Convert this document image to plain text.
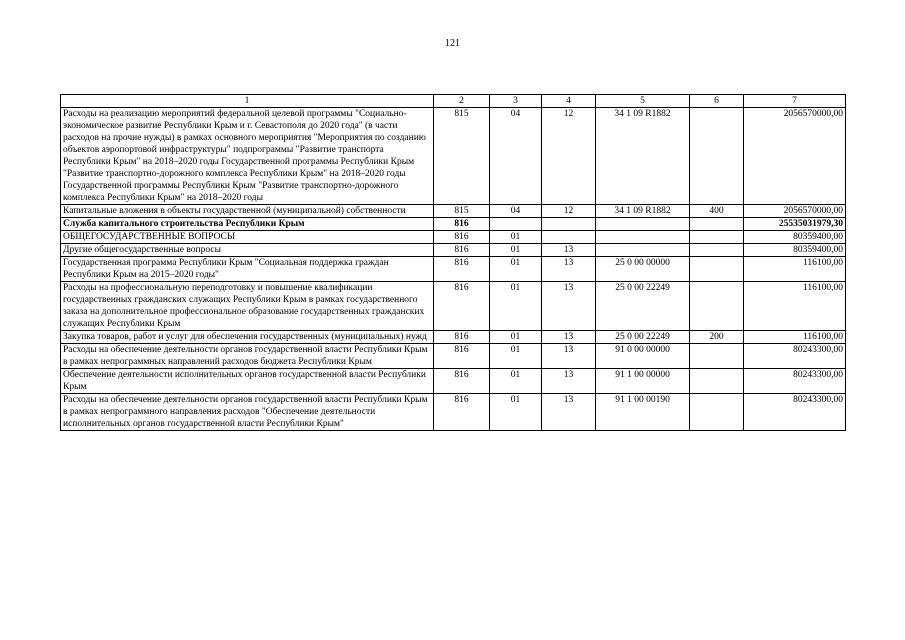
121
1	2	3	4	5	6	7
Расходы на реализацию мероприятий федеральной целевой программы "Социально-экономическое развитие Республики Крым и г. Севастополя до 2020 года" (в части расходов на прочие нужды) в рамках основного мероприятия "Мероприятия по созданию объектов аэропортовой инфраструктуры" подпрограммы "Развитие транспорта Республики Крым" на 2018–2020 годы Государственной программы Республики Крым "Развитие транспортно-дорожного комплекса Республики Крым" на 2018–2020 годы Государственной программы Республики Крым "Развитие транспортно-дорожного комплекса Республики Крым" на 2018–2020 годы	815	04	12	34 1 09 R1882		2056570000,00
Капитальные вложения в объекты государственной (муниципальной) собственности	815	04	12	34 1 09 R1882	400	2056570000,00
Служба капитального строительства Республики Крым	816					25535031979,30
ОБЩЕГОСУДАРСТВЕННЫЕ ВОПРОСЫ	816	01				80359400,00
Другие общегосударственные вопросы	816	01	13			80359400,00
Государственная программа Республики Крым "Социальная поддержка граждан Республики Крым на 2015–2020 годы"	816	01	13	25 0 00 00000		116100,00
Расходы на профессиональную переподготовку и повышение квалификации государственных гражданских служащих Республики Крым в рамках государственного заказа на дополнительное профессиональное образование государственных гражданских служащих Республики Крым	816	01	13	25 0 00 22249		116100,00
Закупка товаров, работ и услуг для обеспечения государственных (муниципальных) нужд	816	01	13	25 0 00 22249	200	116100,00
Расходы на обеспечение деятельности органов государственной власти Республики Крым в рамках непрограммных направлений расходов бюджета Республики Крым	816	01	13	91 0 00 00000		80243300,00
Обеспечение деятельности исполнительных органов государственной власти Республики Крым	816	01	13	91 1 00 00000		80243300,00
Расходы на обеспечение деятельности органов государственной власти Республики Крым в рамках непрограммного направления расходов "Обеспечение деятельности исполнительных органов государственной власти Республики Крым"	816	01	13	91 1 00 00190		80243300,00
